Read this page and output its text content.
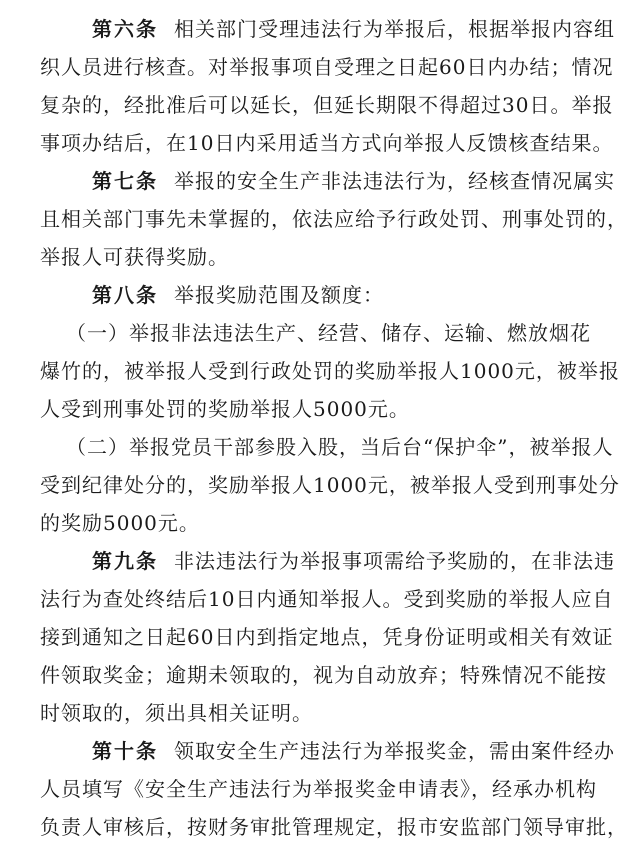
第六条 相关部门受理违法行为举报后，根据举报内容组
织人员进行核查。对举报事项自受理之日起60日内办结；情况
复杂的，经批准后可以延长，但延长期限不得超过30日。举报
事项办结后，在10日内采用适当方式向举报人反馈核查结果。
第七条 举报的安全生产非法违法行为，经核查情况属实
且相关部门事先未掌握的，依法应给予行政处罚、刑事处罚的，
举报人可获得奖励。
第八条 举报奖励范围及额度：
（一）举报非法违法生产、经营、储存、运输、燃放烟花
爆竹的，被举报人受到行政处罚的奖励举报人1000元，被举报
人受到刑事处罚的奖励举报人5000元。
（二）举报党员干部参股入股，当后台“保护伞”，被举报人
受到纪律处分的，奖励举报人1000元，被举报人受到刑事处分
的奖励5000元。
第九条 非法违法行为举报事项需给予奖励的，在非法违
法行为查处终结后10日内通知举报人。受到奖励的举报人应自
接到通知之日起60日内到指定地点，凭身份证明或相关有效证
件领取奖金；逾期未领取的，视为自动放弃；特殊情况不能按
时领取的，须出具相关证明。
第十条 领取安全生产违法行为举报奖金，需由案件经办
人员填写《安全生产违法行为举报奖金申请表》，经承办机构
负责人审核后，按财务审批管理规定，报市安监部门领导审批，
